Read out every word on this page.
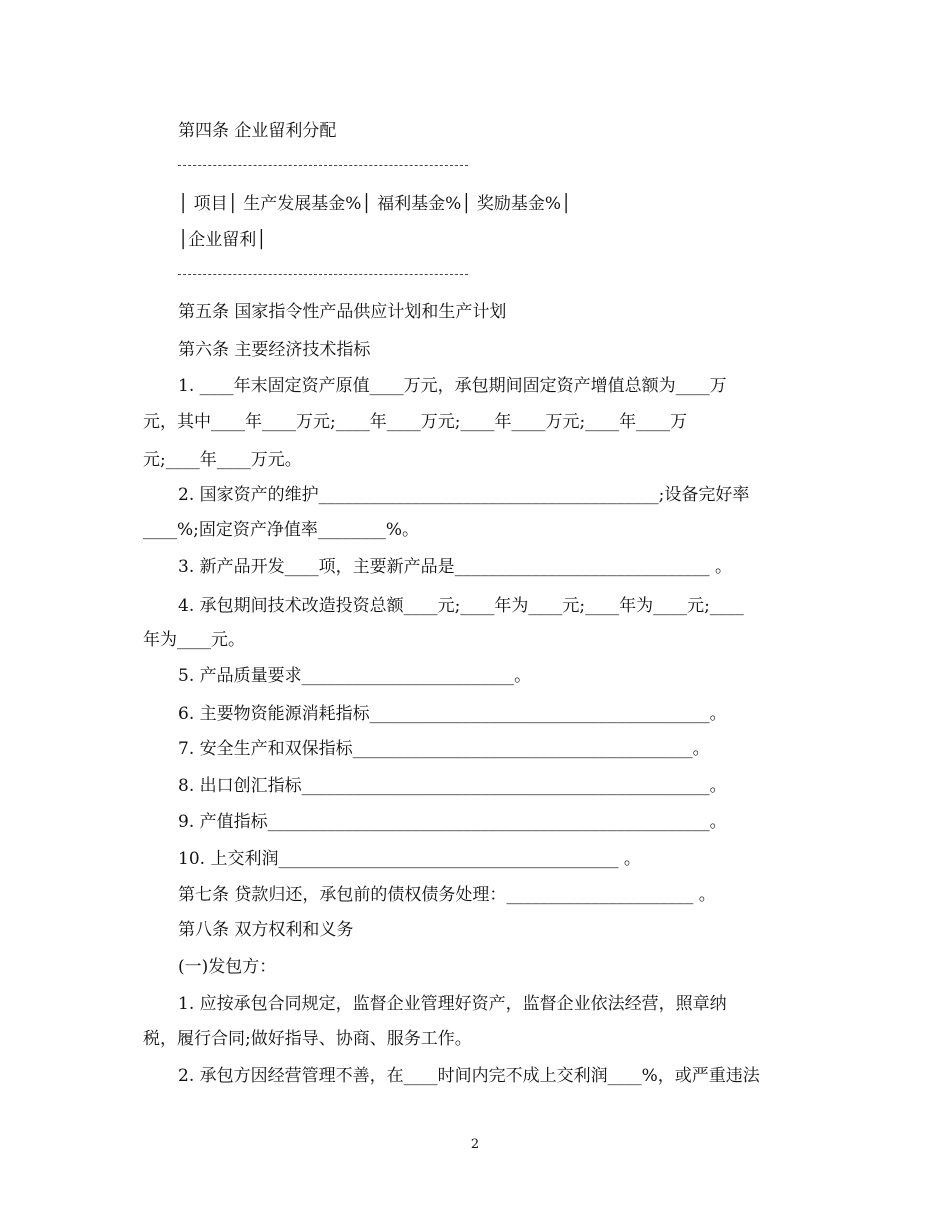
第四条 企业留利分配
│ 项目│ 生产发展基金%│ 福利基金%│ 奖励基金%│
│企业留利│
第五条 国家指令性产品供应计划和生产计划
第六条 主要经济技术指标
1. ____年末固定资产原值____万元，承包期间固定资产增值总额为____万
元，其中____年____万元;____年____万元;____年____万元;____年____万
元;____年____万元。
2. 国家资产的维护________________________________________;设备完好率
____%;固定资产净值率________%。
3. 新产品开发____项，主要新产品是______________________________ 。
4. 承包期间技术改造投资总额____元;____年为____元;____年为____元;____
年为____元。
5. 产品质量要求_________________________。
6. 主要物资能源消耗指标________________________________________。
7. 安全生产和双保指标________________________________________。
8. 出口创汇指标________________________________________________。
9. 产值指标____________________________________________________。
10. 上交利润________________________________________ 。
第七条 贷款归还，承包前的债权债务处理：______________________ 。
第八条 双方权利和义务
(一)发包方：
1. 应按承包合同规定，监督企业管理好资产，监督企业依法经营，照章纳
税，履行合同;做好指导、协商、服务工作。
2. 承包方因经营管理不善，在____时间内完不成上交利润____%，或严重违法
2
